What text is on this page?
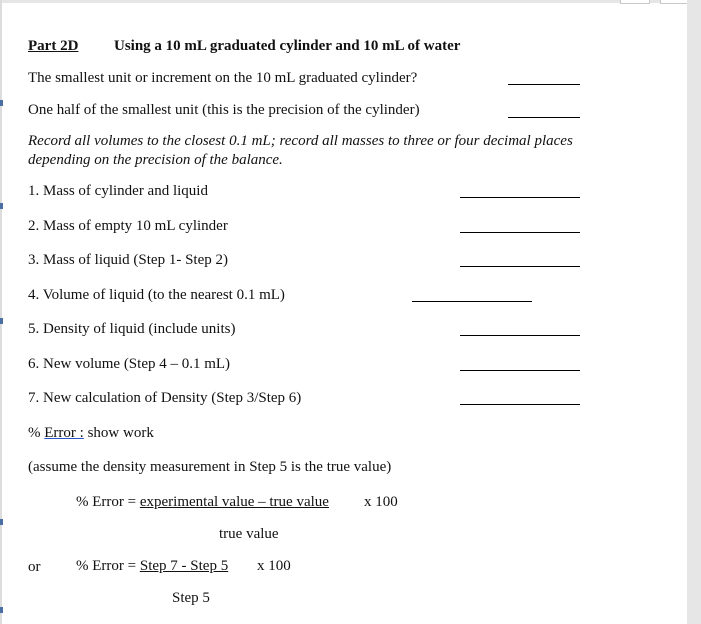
Part 2D Using a 10 mL graduated cylinder and 10 mL of water
The smallest unit or increment on the 10 mL graduated cylinder?
One half of the smallest unit (this is the precision of the cylinder)
Record all volumes to the closest 0.1 mL; record all masses to three or four decimal places
depending on the precision of the balance.
1. Mass of cylinder and liquid
2. Mass of empty 10 mL cylinder
3. Mass of liquid (Step 1- Step 2)
4. Volume of liquid (to the nearest 0.1 mL)
5. Density of liquid (include units)
6. New volume (Step 4 – 0.1 mL)
7. New calculation of Density (Step 3/Step 6)
% Error : show work
(assume the density measurement in Step 5 is the true value)
% Error = experimental value – true value x 100
true value
or % Error = Step 7 - Step 5 x 100
Step 5
